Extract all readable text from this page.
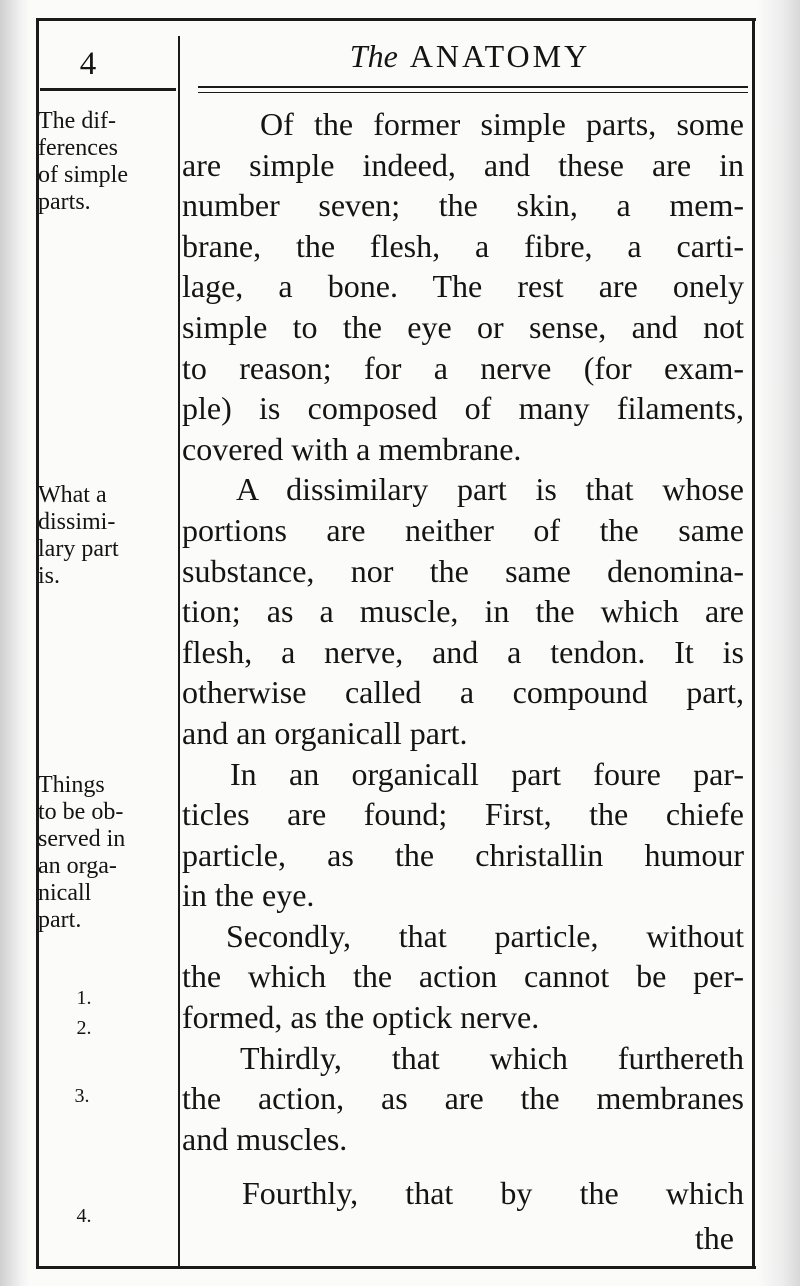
4	The ANATOMY
The dif-
ferences
of simple
parts.
What a
dissimi-
lary part
is.
Things
to be ob-
served in
an orga-
nicall
part.
1.
2.
3.
4.
Of the former simple parts, some
are simple indeed, and these are in
number seven; the skin, a mem-
brane, the flesh, a fibre, a carti-
lage, a bone. The rest are onely
simple to the eye or sense, and not
to reason; for a nerve (for exam-
ple) is composed of many filaments,
covered with a membrane.
A dissimilary part is that whose
portions are neither of the same
substance, nor the same denomina-
tion; as a muscle, in the which are
flesh, a nerve, and a tendon. It is
otherwise called a compound part,
and an organicall part.
In an organicall part foure par-
ticles are found; First, the chiefe
particle, as the christallin humour
in the eye.
Secondly, that particle, without
the which the action cannot be per-
formed, as the optick nerve.
Thirdly, that which furthereth
the action, as are the membranes
and muscles.
Fourthly, that by the which
the
